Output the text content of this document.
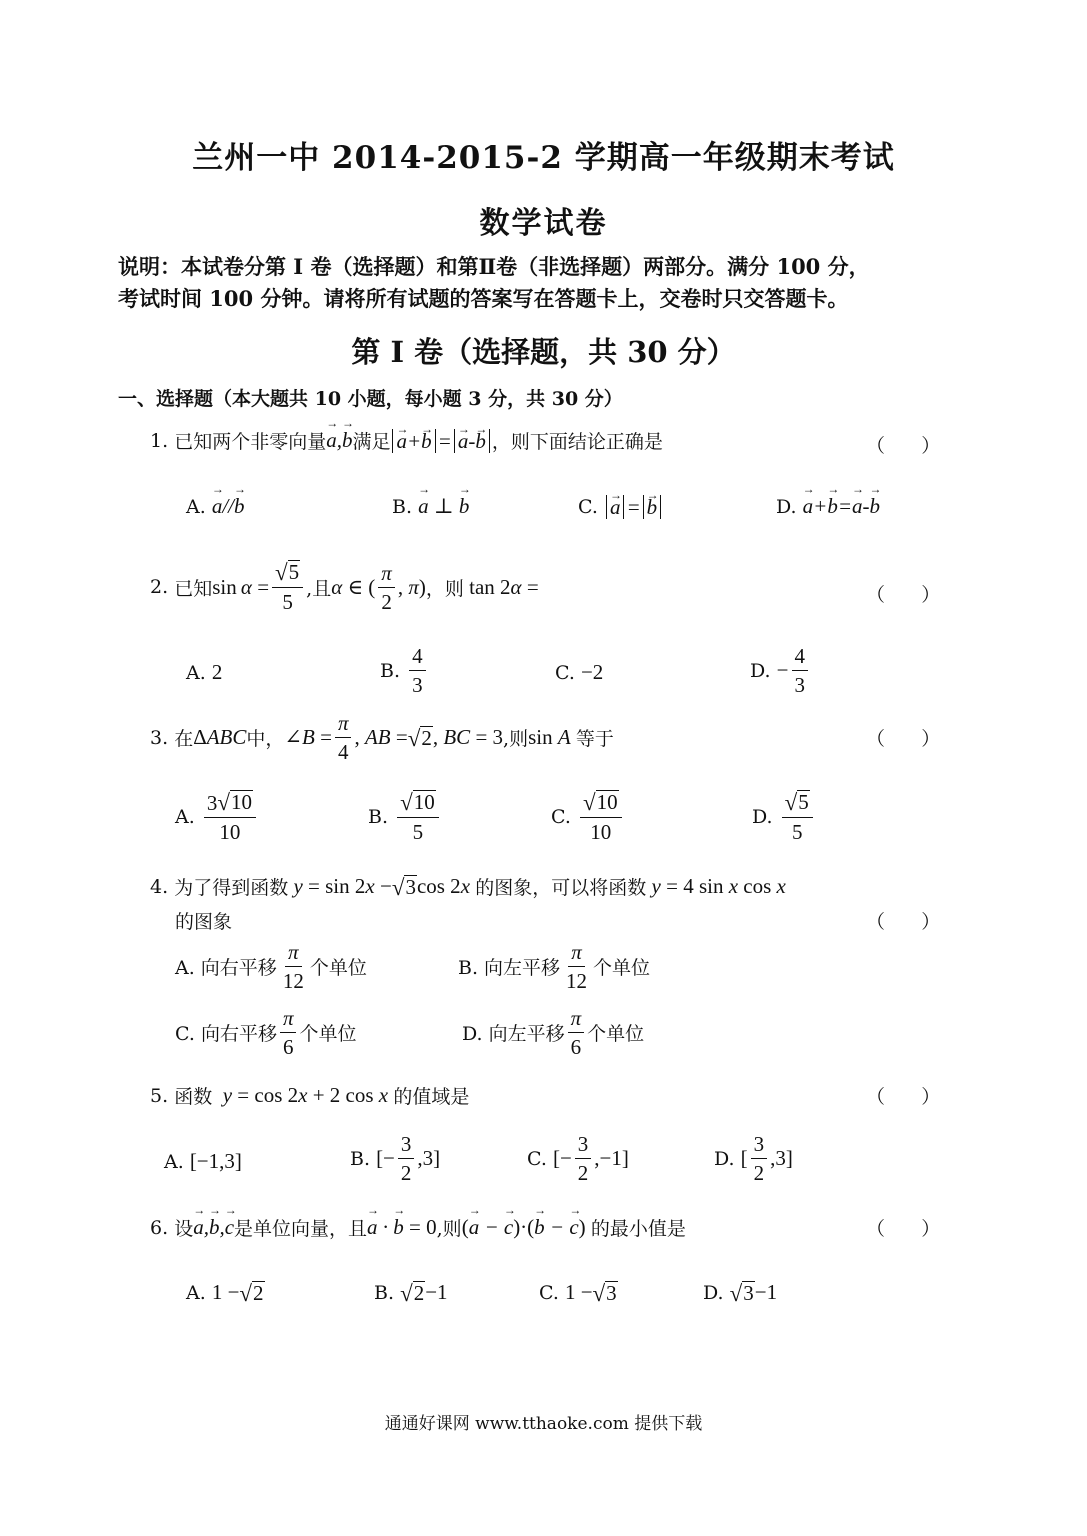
兰州一中 2014-2015-2 学期高一年级期末考试
数学试卷
说明：本试卷分第 I 卷（选择题）和第Ⅱ卷（非选择题）两部分。满分 100 分，
考试时间 100 分钟。请将所有试题的答案写在答题卡上，交卷时只交答题卡。
第 I 卷（选择题，共 30 分）
一、选择题（本大题共 10 小题，每小题 3 分，共 30 分）
1.
已知两个非零向量 → a,→ b 满足 → a+→ b = → a-→ b ，则下面结论正确是	（      ）
A.
→ a//→ b	B.
→ a ⊥ → b	C.
→ a = → b	D.
→ a+→ b=→ a-→ b
2.
已知 $\sin \alpha = \frac{√ 5}{5}$ ,且 α ∈ ( $\frac{\pi}{2}$ , π) ，则 tan 2α =	（      ）
A.
2	B.
$\frac{4}{3}$	C.
−2	D.
− $\frac{4}{3}$
3.
在 ΔABC 中， ∠B = $\frac{\pi}{4}$ , AB = √ 2 , BC = 3 ,则 sin A 等于	（      ）
A.
$\frac{3 √ 10}{10}$	B.
$\frac{√ 10}{5}$	C.
$\frac{√ 10}{10}$	D.
$\frac{√ 5}{5}$
4.
为了得到函数 y = sin 2x − √ 3 cos 2x 的图象，可以将函数 y = 4 sin x cos x
的图象	（      ）
A. 向右平移 $\frac{\pi}{12}$ 个单位	B. 向左平移 $\frac{\pi}{12}$ 个单位
C. 向右平移 $\frac{\pi}{6}$ 个单位	D. 向左平移 $\frac{\pi}{6}$ 个单位
5.
函数 y = cos 2x + 2 cos x 的值域是	（      ）
A.
[−1,3]	B.
[− $\frac{3}{2} ,3$]	C.
[− $\frac{3}{2} ,-1$]	D.
[ $\frac{3}{2} ,3$]
6.
设 → a,→ b,→ c 是单位向量，且 → a · → b = 0 ,则 (→ a − → c)·(→ b − → c) 的最小值是	（      ）
A.
1 − √ 2	B.
√ 2 −1	C.
1 − √ 3	D.
√ 3 −1
通通好课网 www.tthaoke.com 提供下载
